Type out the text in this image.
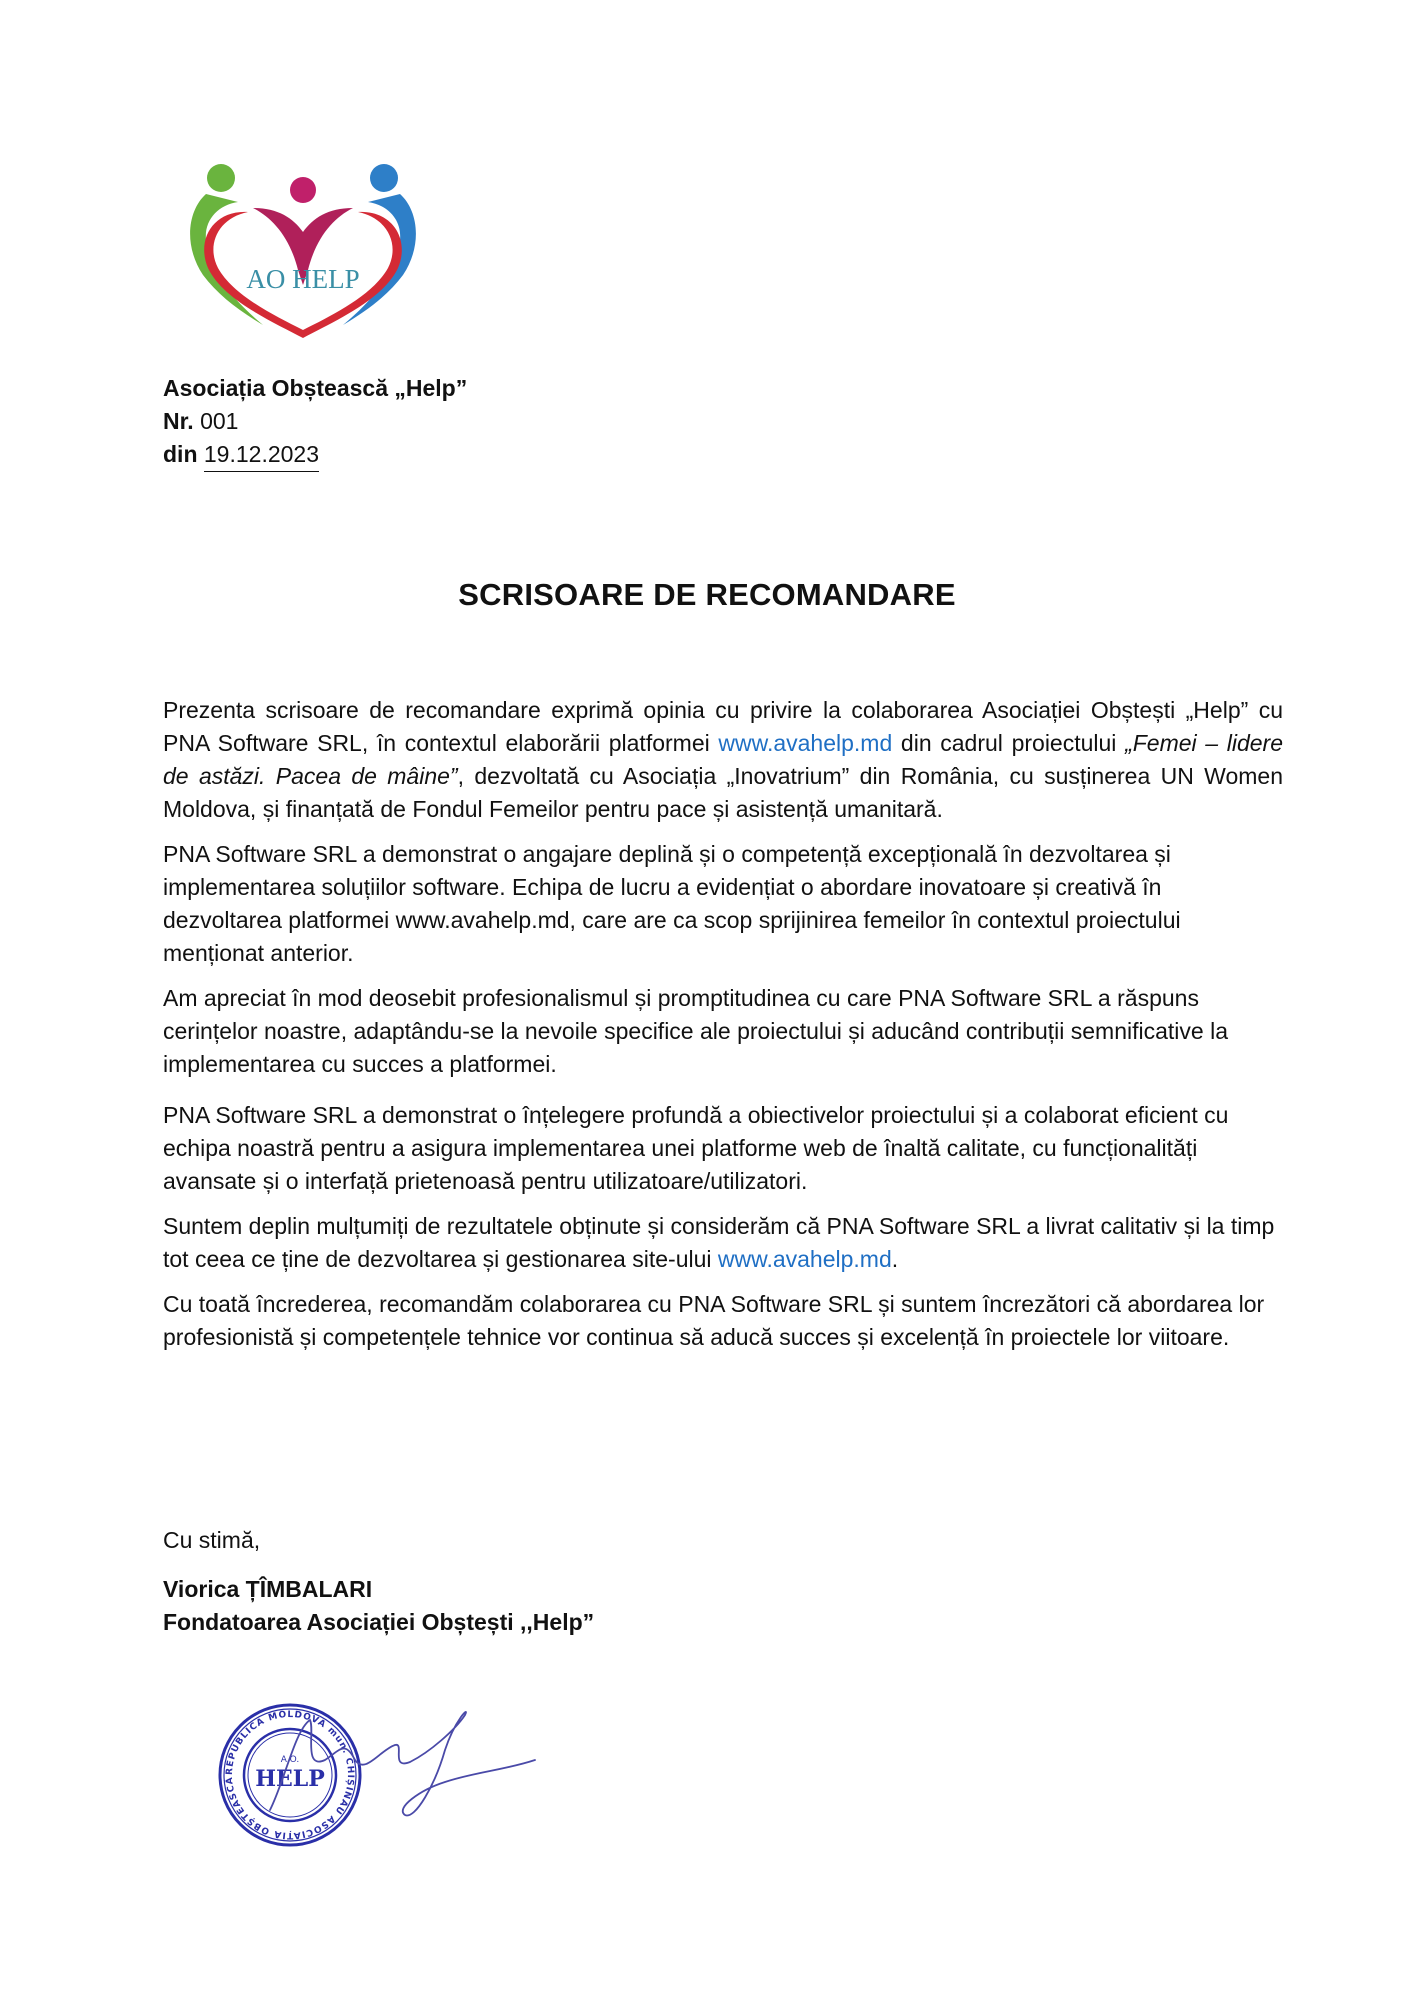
AO HELP
Asociația Obștească „Help”
Nr. 001
din 19.12.2023
SCRISOARE DE RECOMANDARE

Prezenta scrisoare de recomandare exprimă opinia cu privire la colaborarea Asociației Obștești „Help” cu PNA Software SRL, în contextul elaborării platformei www.avahelp.md din cadrul proiectului „Femei – lidere de astăzi. Pacea de mâine”, dezvoltată cu Asociația „Inovatrium” din România, cu susținerea UN Women Moldova, și finanțată de Fondul Femeilor pentru pace și asistență umanitară.

PNA Software SRL a demonstrat o angajare deplină și o competență excepțională în dezvoltarea și implementarea soluțiilor software. Echipa de lucru a evidențiat o abordare inovatoare și creativă în dezvoltarea platformei www.avahelp.md, care are ca scop sprijinirea femeilor în contextul proiectului menționat anterior.

Am apreciat în mod deosebit profesionalismul și promptitudinea cu care PNA Software SRL a răspuns cerințelor noastre, adaptându-se la nevoile specifice ale proiectului și aducând contribuții semnificative la implementarea cu succes a platformei.

PNA Software SRL a demonstrat o înțelegere profundă a obiectivelor proiectului și a colaborat eficient cu echipa noastră pentru a asigura implementarea unei platforme web de înaltă calitate, cu funcționalități avansate și o interfață prietenoasă pentru utilizatoare/utilizatori.

Suntem deplin mulțumiți de rezultatele obținute și considerăm că PNA Software SRL a livrat calitativ și la timp tot ceea ce ține de dezvoltarea și gestionarea site-ului www.avahelp.md.

Cu toată încrederea, recomandăm colaborarea cu PNA Software SRL și suntem încrezători că abordarea lor profesionistă și competențele tehnice vor continua să aducă succes și excelență în proiectele lor viitoare.

Cu stimă,
Viorica ȚÎMBALARI
Fondatoarea Asociației Obștești ,,Help”
REPUBLICA MOLDOVA mun. CHIȘINĂU ASOCIAȚIA OBȘTEASCĂ
A.O.
HELP
